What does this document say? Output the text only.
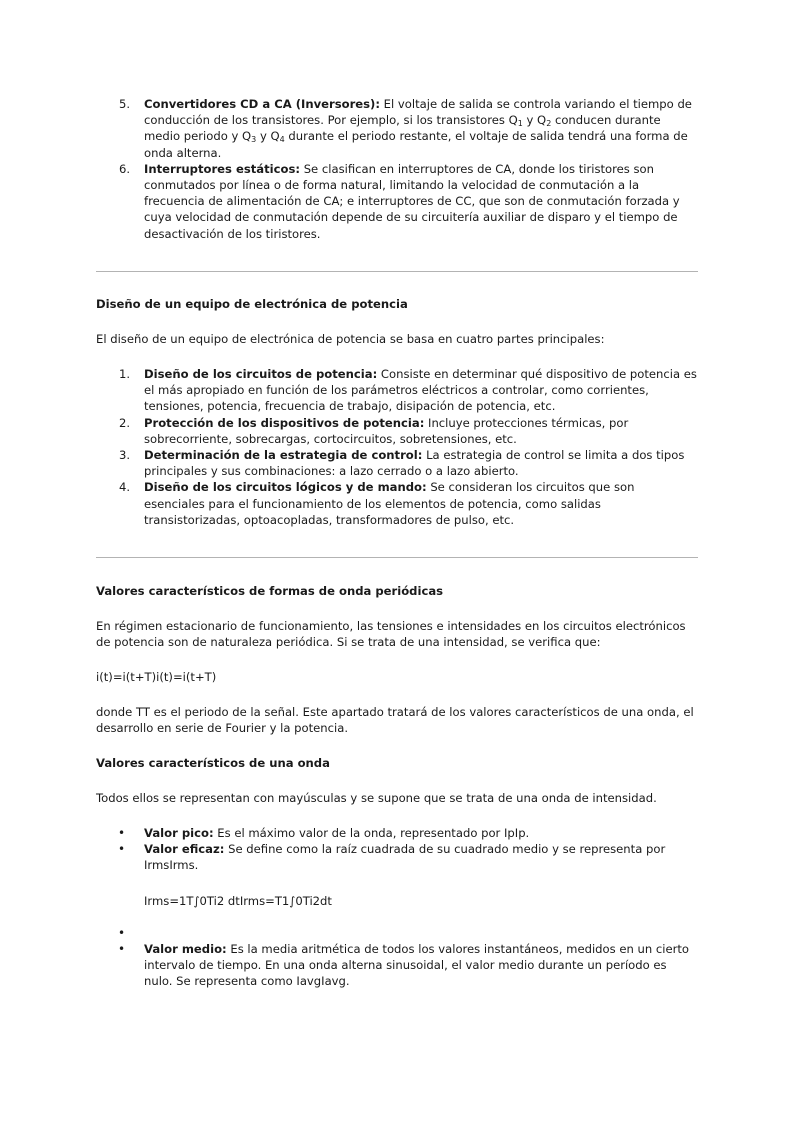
5. Convertidores CD a CA (Inversores): El voltaje de salida se controla variando el tiempo de conducción de los transistores. Por ejemplo, si los transistores $Q_1$ y $Q_2$ conducen durante medio periodo y $Q_3$ y $Q_4$ durante el periodo restante, el voltaje de salida tendrá una forma de onda alterna.
6. Interruptores estáticos: Se clasifican en interruptores de CA, donde los tiristores son conmutados por línea o de forma natural, limitando la velocidad de conmutación a la frecuencia de alimentación de CA; e interruptores de CC, que son de conmutación forzada y cuya velocidad de conmutación depende de su circuitería auxiliar de disparo y el tiempo de desactivación de los tiristores.

Diseño de un equipo de electrónica de potencia

El diseño de un equipo de electrónica de potencia se basa en cuatro partes principales:

1. Diseño de los circuitos de potencia: Consiste en determinar qué dispositivo de potencia es el más apropiado en función de los parámetros eléctricos a controlar, como corrientes, tensiones, potencia, frecuencia de trabajo, disipación de potencia, etc.
2. Protección de los dispositivos de potencia: Incluye protecciones térmicas, por sobrecorriente, sobrecargas, cortocircuitos, sobretensiones, etc.
3. Determinación de la estrategia de control: La estrategia de control se limita a dos tipos principales y sus combinaciones: a lazo cerrado o a lazo abierto.
4. Diseño de los circuitos lógicos y de mando: Se consideran los circuitos que son esenciales para el funcionamiento de los elementos de potencia, como salidas transistorizadas, optoacopladas, transformadores de pulso, etc.

Valores característicos de formas de onda periódicas

En régimen estacionario de funcionamiento, las tensiones e intensidades en los circuitos electrónicos de potencia son de naturaleza periódica. Si se trata de una intensidad, se verifica que:

i(t)=i(t+T)i(t)=i(t+T)

donde TT es el periodo de la señal. Este apartado tratará de los valores característicos de una onda, el desarrollo en serie de Fourier y la potencia.

Valores característicos de una onda

Todos ellos se representan con mayúsculas y se supone que se trata de una onda de intensidad.

• Valor pico: Es el máximo valor de la onda, representado por IpIp.
• Valor eficaz: Se define como la raíz cuadrada de su cuadrado medio y se representa por IrmsIrms.
Irms=1T∫0Ti2 dtIrms=T1∫0Ti2dt
•
• Valor medio: Es la media aritmética de todos los valores instantáneos, medidos en un cierto intervalo de tiempo. En una onda alterna sinusoidal, el valor medio durante un período es nulo. Se representa como IavgIavg.
